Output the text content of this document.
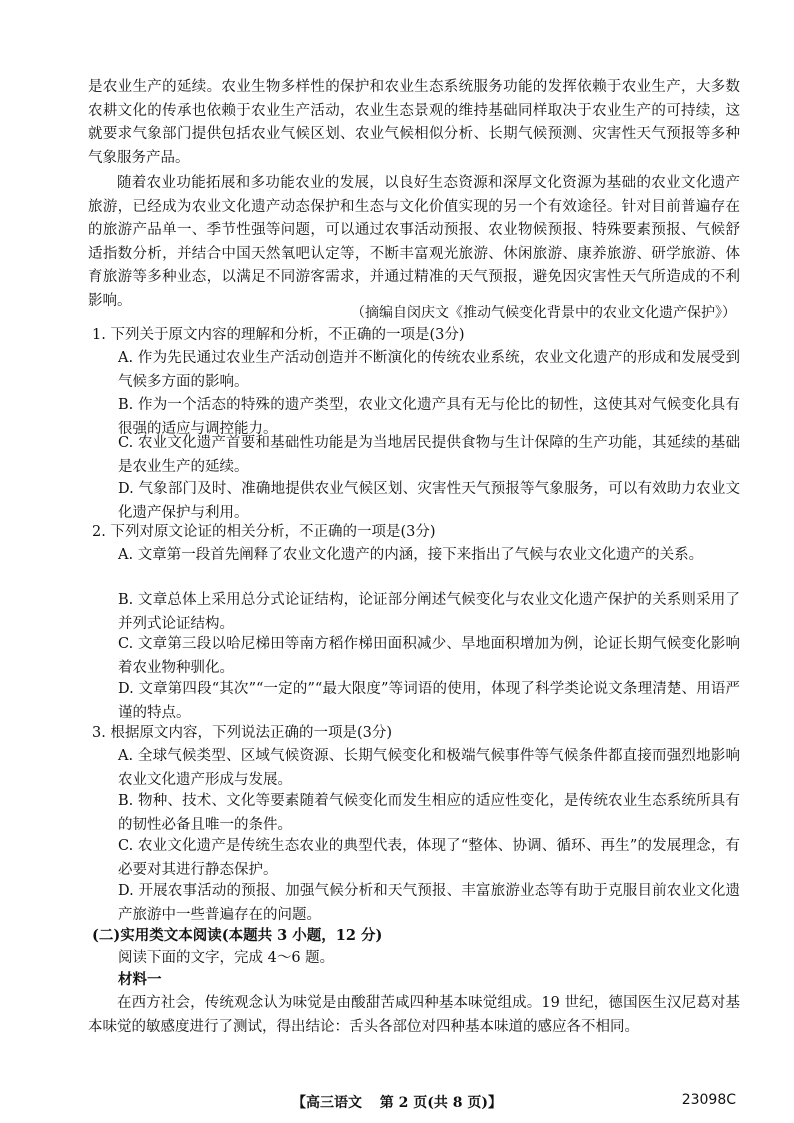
是农业生产的延续。农业生物多样性的保护和农业生态系统服务功能的发挥依赖于农业生产，大多数农耕文化的传承也依赖于农业生产活动，农业生态景观的维持基础同样取决于农业生产的可持续，这就要求气象部门提供包括农业气候区划、农业气候相似分析、长期气候预测、灾害性天气预报等多种气象服务产品。
随着农业功能拓展和多功能农业的发展，以良好生态资源和深厚文化资源为基础的农业文化遗产旅游，已经成为农业文化遗产动态保护和生态与文化价值实现的另一个有效途径。针对目前普遍存在的旅游产品单一、季节性强等问题，可以通过农事活动预报、农业物候预报、特殊要素预报、气候舒适指数分析，并结合中国天然氧吧认定等，不断丰富观光旅游、休闲旅游、康养旅游、研学旅游、体育旅游等多种业态，以满足不同游客需求，并通过精准的天气预报，避免因灾害性天气所造成的不利影响。
（摘编自闵庆文《推动气候变化背景中的农业文化遗产保护》）
1. 下列关于原文内容的理解和分析，不正确的一项是(3分)
A. 作为先民通过农业生产活动创造并不断演化的传统农业系统，农业文化遗产的形成和发展受到气候多方面的影响。
B. 作为一个活态的特殊的遗产类型，农业文化遗产具有无与伦比的韧性，这使其对气候变化具有很强的适应与调控能力。
C. 农业文化遗产首要和基础性功能是为当地居民提供食物与生计保障的生产功能，其延续的基础是农业生产的延续。
D. 气象部门及时、准确地提供农业气候区划、灾害性天气预报等气象服务，可以有效助力农业文化遗产保护与利用。
2. 下列对原文论证的相关分析，不正确的一项是(3分)
A. 文章第一段首先阐释了农业文化遗产的内涵，接下来指出了气候与农业文化遗产的关系。
B. 文章总体上采用总分式论证结构，论证部分阐述气候变化与农业文化遗产保护的关系则采用了并列式论证结构。
C. 文章第三段以哈尼梯田等南方稻作梯田面积减少、旱地面积增加为例，论证长期气候变化影响着农业物种驯化。
D. 文章第四段“其次”“一定的”“最大限度”等词语的使用，体现了科学类论说文条理清楚、用语严谨的特点。
3. 根据原文内容，下列说法正确的一项是(3分)
A. 全球气候类型、区域气候资源、长期气候变化和极端气候事件等气候条件都直接而强烈地影响农业文化遗产形成与发展。
B. 物种、技术、文化等要素随着气候变化而发生相应的适应性变化，是传统农业生态系统所具有的韧性必备且唯一的条件。
C. 农业文化遗产是传统生态农业的典型代表，体现了“整体、协调、循环、再生”的发展理念，有必要对其进行静态保护。
D. 开展农事活动的预报、加强气候分析和天气预报、丰富旅游业态等有助于克服目前农业文化遗产旅游中一些普遍存在的问题。
(二)实用类文本阅读(本题共 3 小题，12 分)
阅读下面的文字，完成 4～6 题。
材料一
在西方社会，传统观念认为味觉是由酸甜苦咸四种基本味觉组成。19 世纪，德国医生汉尼葛对基本味觉的敏感度进行了测试，得出结论：舌头各部位对四种基本味道的感应各不相同。
【高三语文 第 2 页(共 8 页)】	23098C
